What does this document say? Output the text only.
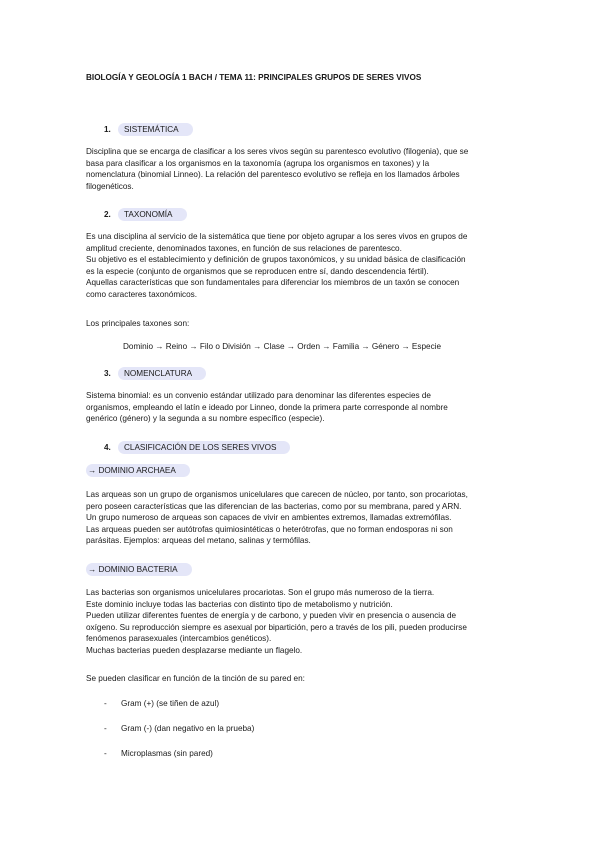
BIOLOGÍA Y GEOLOGÍA 1 BACH / TEMA 11: PRINCIPALES GRUPOS DE SERES VIVOS
1.	SISTEMÁTICA
Disciplina que se encarga de clasificar a los seres vivos según su parentesco evolutivo (filogenia), que se
basa para clasificar a los organismos en la taxonomía (agrupa los organismos en taxones) y la
nomenclatura (binomial Linneo). La relación del parentesco evolutivo se refleja en los llamados árboles
filogenéticos.
2.	TAXONOMÍA
Es una disciplina al servicio de la sistemática que tiene por objeto agrupar a los seres vivos en grupos de
amplitud creciente, denominados taxones, en función de sus relaciones de parentesco.
Su objetivo es el establecimiento y definición de grupos taxonómicos, y su unidad básica de clasificación
es la especie (conjunto de organismos que se reproducen entre sí, dando descendencia fértil).
Aquellas características que son fundamentales para diferenciar los miembros de un taxón se conocen
como caracteres taxonómicos.
Los principales taxones son:
Dominio → Reino → Filo o División → Clase → Orden → Familia → Género → Especie
3.	NOMENCLATURA
Sistema binomial: es un convenio estándar utilizado para denominar las diferentes especies de
organismos, empleando el latín e ideado por Linneo, donde la primera parte corresponde al nombre
genérico (género) y la segunda a su nombre específico (especie).
4.	CLASIFICACIÓN DE LOS SERES VIVOS
→ DOMINIO ARCHAEA
Las arqueas son un grupo de organismos unicelulares que carecen de núcleo, por tanto, son procariotas,
pero poseen características que las diferencian de las bacterias, como por su membrana, pared y ARN.
Un grupo numeroso de arqueas son capaces de vivir en ambientes extremos, llamadas extremófilas.
Las arqueas pueden ser autótrofas quimiosintéticas o heterótrofas, que no forman endosporas ni son
parásitas. Ejemplos: arqueas del metano, salinas y termófilas.
→ DOMINIO BACTERIA
Las bacterias son organismos unicelulares procariotas. Son el grupo más numeroso de la tierra.
Este dominio incluye todas las bacterias con distinto tipo de metabolismo y nutrición.
Pueden utilizar diferentes fuentes de energía y de carbono, y pueden vivir en presencia o ausencia de
oxígeno. Su reproducción siempre es asexual por bipartición, pero a través de los pili, pueden producirse
fenómenos parasexuales (intercambios genéticos).
Muchas bacterias pueden desplazarse mediante un flagelo.
Se pueden clasificar en función de la tinción de su pared en:
-	Gram (+) (se tiñen de azul)
-	Gram (-) (dan negativo en la prueba)
-	Microplasmas (sin pared)
